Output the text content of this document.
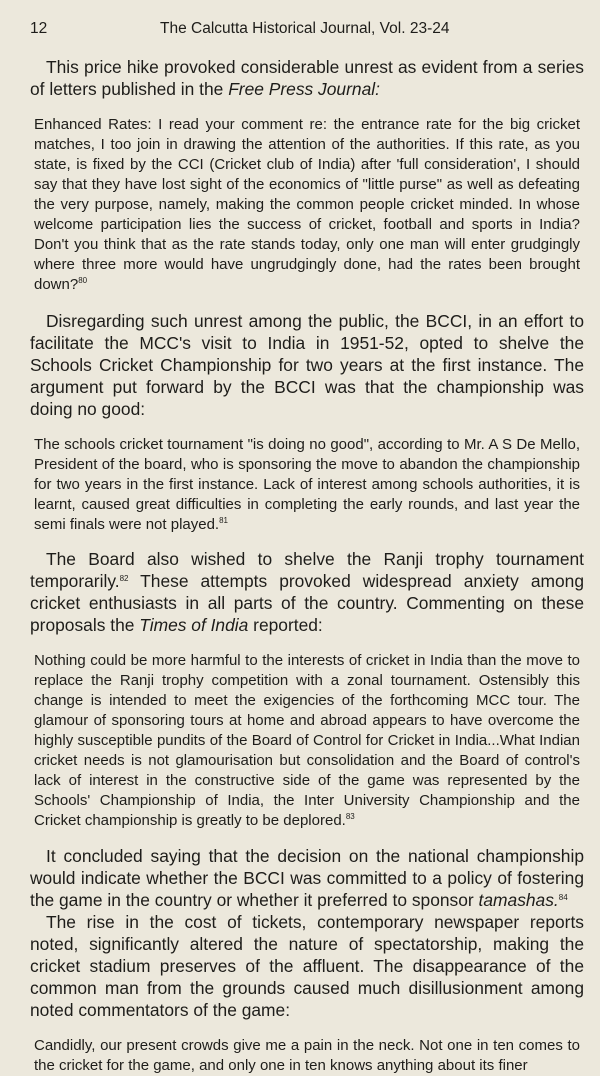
12	The Calcutta Historical Journal, Vol. 23-24

This price hike provoked considerable unrest as evident from a series of letters published in the Free Press Journal:

Enhanced Rates: I read your comment re: the entrance rate for the big cricket matches, I too join in drawing the attention of the authorities. If this rate, as you state, is fixed by the CCI (Cricket club of India) after 'full consideration', I should say that they have lost sight of the economics of "little purse" as well as defeating the very purpose, namely, making the common people cricket minded. In whose welcome participation lies the success of cricket, football and sports in India? Don't you think that as the rate stands today, only one man will enter grudgingly where three more would have ungrudgingly done, had the rates been brought down?$^{80}$

Disregarding such unrest among the public, the BCCI, in an effort to facilitate the MCC's visit to India in 1951-52, opted to shelve the Schools Cricket Championship for two years at the first instance. The argument put forward by the BCCI was that the championship was doing no good:

The schools cricket tournament "is doing no good", according to Mr. A S De Mello, President of the board, who is sponsoring the move to abandon the championship for two years in the first instance. Lack of interest among schools authorities, it is learnt, caused great difficulties in completing the early rounds, and last year the semi finals were not played.$^{81}$

The Board also wished to shelve the Ranji trophy tournament temporarily.$^{82}$ These attempts provoked widespread anxiety among cricket enthusiasts in all parts of the country. Commenting on these proposals the Times of India reported:

Nothing could be more harmful to the interests of cricket in India than the move to replace the Ranji trophy competition with a zonal tournament. Ostensibly this change is intended to meet the exigencies of the forthcoming MCC tour. The glamour of sponsoring tours at home and abroad appears to have overcome the highly susceptible pundits of the Board of Control for Cricket in India...What Indian cricket needs is not glamourisation but consolidation and the Board of control's lack of interest in the constructive side of the game was represented by the Schools' Championship of India, the Inter University Championship and the Cricket championship is greatly to be deplored.$^{83}$

It concluded saying that the decision on the national championship would indicate whether the BCCI was committed to a policy of fostering the game in the country or whether it preferred to sponsor tamashas.$^{84}$

The rise in the cost of tickets, contemporary newspaper reports noted, significantly altered the nature of spectatorship, making the cricket stadium preserves of the affluent. The disappearance of the common man from the grounds caused much disillusionment among noted commentators of the game:

Candidly, our present crowds give me a pain in the neck. Not one in ten comes to the cricket for the game, and only one in ten knows anything about its finer
